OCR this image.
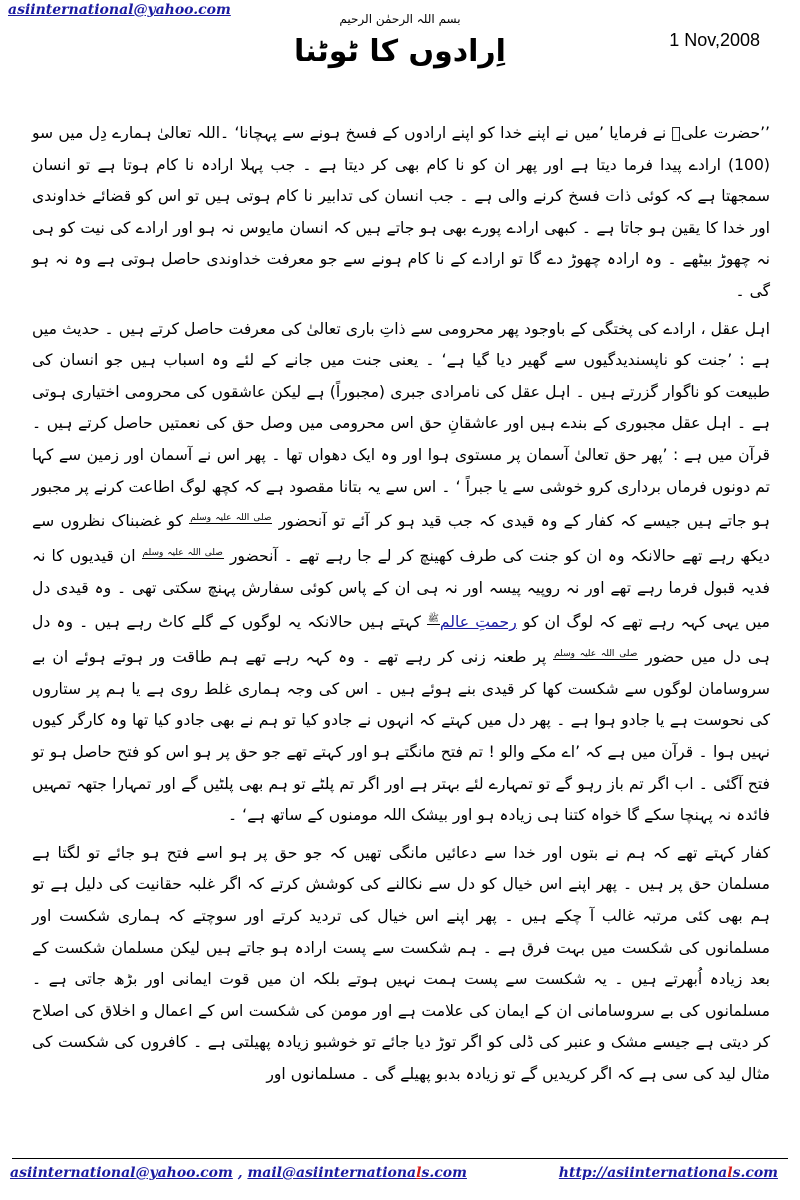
asiinternational@yahoo.com
بسم اللہ الرحمٰن الرحیم
اِرادوں کا ٹوٹنا	1 Nov,2008

’’حضرت علیؑ نے فرمایا ’میں نے اپنے خدا کو اپنے ارادوں کے فسخ ہونے سے پہچانا‘ ۔اللہ تعالیٰ ہمارے دِل میں سو (100) ارادے پیدا فرما دیتا ہے اور پھر ان کو نا کام بھی کر دیتا ہے ۔ جب پہلا ارادہ نا کام ہوتا ہے تو انسان سمجھتا ہے کہ کوئی ذات فسخ کرنے والی ہے ۔ جب انسان کی تدابیر نا کام ہوتی ہیں تو اس کو قضائے خداوندی اور خدا کا یقین ہو جاتا ہے ۔ کبھی ارادے پورے بھی ہو جاتے ہیں کہ انسان مایوس نہ ہو اور ارادے کی نیت کو ہی نہ چھوڑ بیٹھے ۔ وہ ارادہ چھوڑ دے گا تو ارادے کے نا کام ہونے سے جو معرفت خداوندی حاصل ہوتی ہے وہ نہ ہو گی ۔

اہل عقل ، ارادے کی پختگی کے باوجود پھر محرومی سے ذاتِ باری تعالیٰ کی معرفت حاصل کرتے ہیں ۔ حدیث میں ہے : ’جنت کو ناپسندیدگیوں سے گھیر دیا گیا ہے‘ ۔ یعنی جنت میں جانے کے لئے وہ اسباب ہیں جو انسان کی طبیعت کو ناگوار گزرتے ہیں ۔ اہل عقل کی نامرادی جبری (مجبوراً) ہے لیکن عاشقوں کی محرومی اختیاری ہوتی ہے ۔ اہل عقل مجبوری کے بندے ہیں اور عاشقانِ حق اس محرومی میں وصل حق کی نعمتیں حاصل کرتے ہیں ۔ قرآن میں ہے : ’پھر حق تعالیٰ آسمان پر مستوی ہوا اور وہ ایک دھواں تھا ۔ پھر اس نے آسمان اور زمین سے کہا تم دونوں فرماں برداری کرو خوشی سے یا جبراً ‘ ۔ اس سے یہ بتانا مقصود ہے کہ کچھ لوگ اطاعت کرنے پر مجبور ہو جاتے ہیں جیسے کہ کفار کے وہ قیدی کہ جب قید ہو کر آئے تو آنحضور $^{صلی اللہ علیہ وسلم}$ کو غضبناک نظروں سے دیکھ رہے تھے حالانکہ وہ ان کو جنت کی طرف کھینچ کر لے جا رہے تھے ۔ آنحضور $^{صلی اللہ علیہ وسلم}$ ان قیدیوں کا نہ فدیہ قبول فرما رہے تھے اور نہ روپیہ پیسہ اور نہ ہی ان کے پاس کوئی سفارش پہنچ سکتی تھی ۔ وہ قیدی دل میں یہی کہہ رہے تھے کہ لوگ ان کو رحمتِ عالم$^ﷺ$ کہتے ہیں حالانکہ یہ لوگوں کے گلے کاٹ رہے ہیں ۔ وہ دل ہی دل میں حضور $^{صلی اللہ علیہ وسلم}$ پر طعنہ زنی کر رہے تھے ۔ وہ کہہ رہے تھے ہم طاقت ور ہوتے ہوئے ان بے سروسامان لوگوں سے شکست کھا کر قیدی بنے ہوئے ہیں ۔ اس کی وجہ ہماری غلط روی ہے یا ہم پر ستاروں کی نحوست ہے یا جادو ہوا ہے ۔ پھر دل میں کہتے کہ انہوں نے جادو کیا تو ہم نے بھی جادو کیا تھا وہ کارگر کیوں نہیں ہوا ۔ قرآن میں ہے کہ ’اے مکے والو ! تم فتح مانگتے ہو اور کہتے تھے جو حق پر ہو اس کو فتح حاصل ہو تو فتح آگئی ۔ اب اگر تم باز رہو گے تو تمہارے لئے بہتر ہے اور اگر تم پلٹے تو ہم بھی پلٹیں گے اور تمہارا جتھہ تمہیں فائدہ نہ پہنچا سکے گا خواہ کتنا ہی زیادہ ہو اور بیشک اللہ مومنوں کے ساتھ ہے‘ ۔

کفار کہتے تھے کہ ہم نے بتوں اور خدا سے دعائیں مانگی تھیں کہ جو حق پر ہو اسے فتح ہو جائے تو لگتا ہے مسلمان حق پر ہیں ۔ پھر اپنے اس خیال کو دل سے نکالنے کی کوشش کرتے کہ اگر غلبہ حقانیت کی دلیل ہے تو ہم بھی کئی مرتبہ غالب آ چکے ہیں ۔ پھر اپنے اس خیال کی تردید کرتے اور سوچتے کہ ہماری شکست اور مسلمانوں کی شکست میں بہت فرق ہے ۔ ہم شکست سے پست ارادہ ہو جاتے ہیں لیکن مسلمان شکست کے بعد زیادہ اُبھرتے ہیں ۔ یہ شکست سے پست ہمت نہیں ہوتے بلکہ ان میں قوت ایمانی اور بڑھ جاتی ہے ۔ مسلمانوں کی بے سروسامانی ان کے ایمان کی علامت ہے اور مومن کی شکست اس کے اعمال و اخلاق کی اصلاح کر دیتی ہے جیسے مشک و عنبر کی ڈلی کو اگر توڑ دیا جائے تو خوشبو زیادہ پھیلتی ہے ۔ کافروں کی شکست کی مثال لید کی سی ہے کہ اگر کریدیں گے تو زیادہ بدبو پھیلے گی ۔ مسلمانوں اور

asiinternational@yahoo.com , mail@asiinternationals.com	http://asiinternationals.com
